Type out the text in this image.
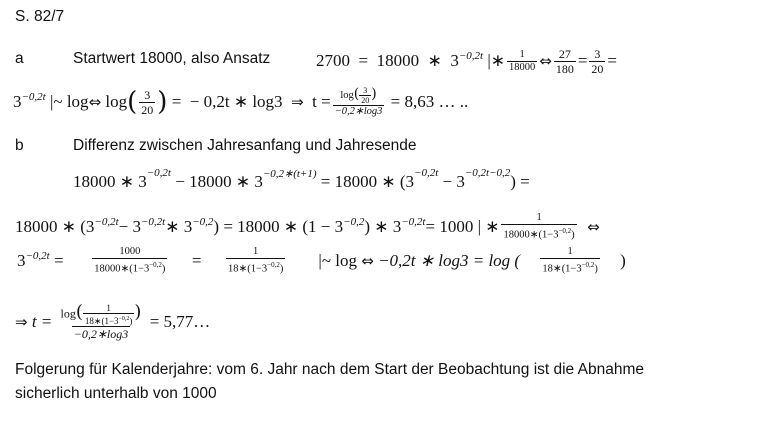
S. 82/7
a	Startwert 18000, also Ansatz	2700
=
18000
∗
3 −0,2t
|∗ $\frac{1}{18000}$ ⇔ $\frac{27}{180} = \frac{3}{20}$ =
3 −0,2t
|~ log ⇔
log ( $\frac{3}{20}$ )
=
− 0,2t ∗ log3
⇒
$t = \frac{\log( \frac{3}{20} )}{-0,2∗\log 3}$
= 8,63 … ..
b	Differenz zwischen Jahresanfang und Jahresende
18000 ∗ $3^{-0,2t} - 18000$ ∗ $3^{-0,2∗(t+1)} = 18000$ ∗ $(3^{-0,2t} - 3^{-0,2t-0,2})$ =
18000 ∗ (3 −0,2t − 3 −0,2t ∗ 3 −0,2 ) = 18000 ∗ (1 − 3 −0,2 ) ∗ 3 −0,2t = 1000 | ∗ $\frac{1}{18000∗(1-3^{-0,2})}$
⇔
3 −0,2t
=
$\frac{1000}{18000∗(1-3^{-0,2})}$ =
$\frac{1}{18∗(1-3^{-0,2})}$
|~ log
⇔
−0,2t ∗ log3 = log ( $\frac{1}{18∗(1-3^{-0,2})}$ )
⇒
t =
$\frac{\log( \frac{1}{18∗(1-3^{-0,2})} )}{-0,2∗\log 3}$
= 5,77…
Folgerung für Kalenderjahre: vom 6. Jahr nach dem Start der Beobachtung ist die Abnahme
sicherlich unterhalb von 1000
